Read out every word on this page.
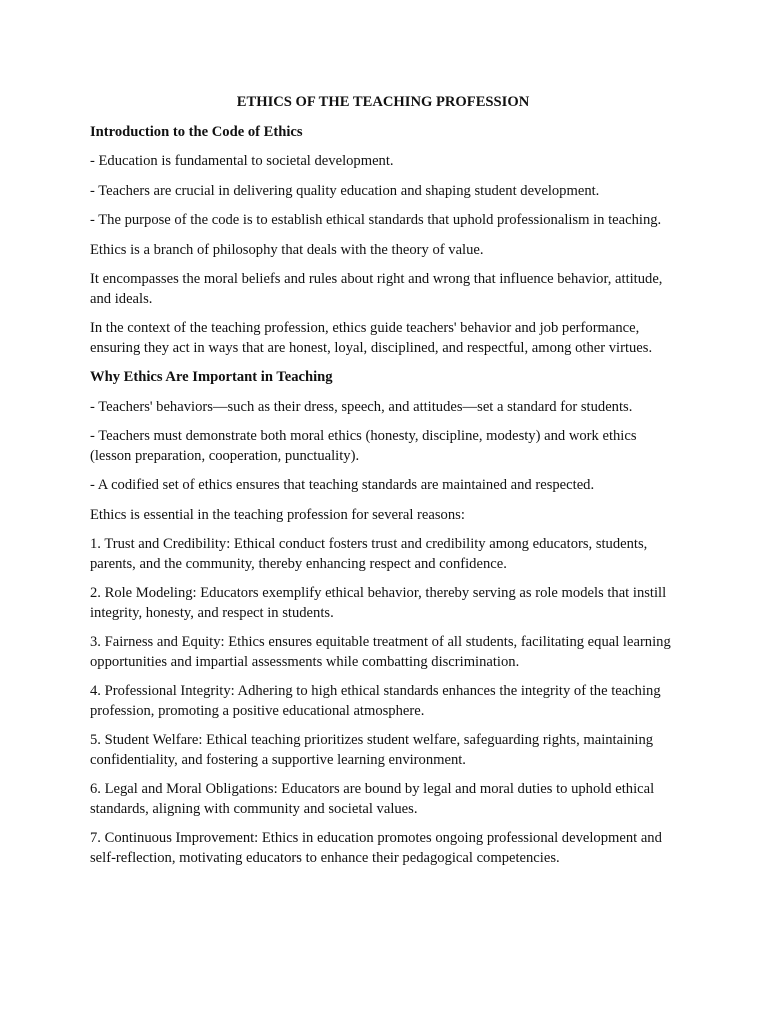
ETHICS OF THE TEACHING PROFESSION
Introduction to the Code of Ethics
- Education is fundamental to societal development.
- Teachers are crucial in delivering quality education and shaping student development.
- The purpose of the code is to establish ethical standards that uphold professionalism in teaching.
Ethics is a branch of philosophy that deals with the theory of value.
It encompasses the moral beliefs and rules about right and wrong that influence behavior, attitude, and ideals.
In the context of the teaching profession, ethics guide teachers' behavior and job performance, ensuring they act in ways that are honest, loyal, disciplined, and respectful, among other virtues.
Why Ethics Are Important in Teaching
- Teachers' behaviors—such as their dress, speech, and attitudes—set a standard for students.
- Teachers must demonstrate both moral ethics (honesty, discipline, modesty) and work ethics (lesson preparation, cooperation, punctuality).
- A codified set of ethics ensures that teaching standards are maintained and respected.
Ethics is essential in the teaching profession for several reasons:
1. Trust and Credibility: Ethical conduct fosters trust and credibility among educators, students, parents, and the community, thereby enhancing respect and confidence.
2. Role Modeling: Educators exemplify ethical behavior, thereby serving as role models that instill integrity, honesty, and respect in students.
3. Fairness and Equity: Ethics ensures equitable treatment of all students, facilitating equal learning opportunities and impartial assessments while combatting discrimination.
4. Professional Integrity: Adhering to high ethical standards enhances the integrity of the teaching profession, promoting a positive educational atmosphere.
5. Student Welfare: Ethical teaching prioritizes student welfare, safeguarding rights, maintaining confidentiality, and fostering a supportive learning environment.
6. Legal and Moral Obligations: Educators are bound by legal and moral duties to uphold ethical standards, aligning with community and societal values.
7. Continuous Improvement: Ethics in education promotes ongoing professional development and self-reflection, motivating educators to enhance their pedagogical competencies.
